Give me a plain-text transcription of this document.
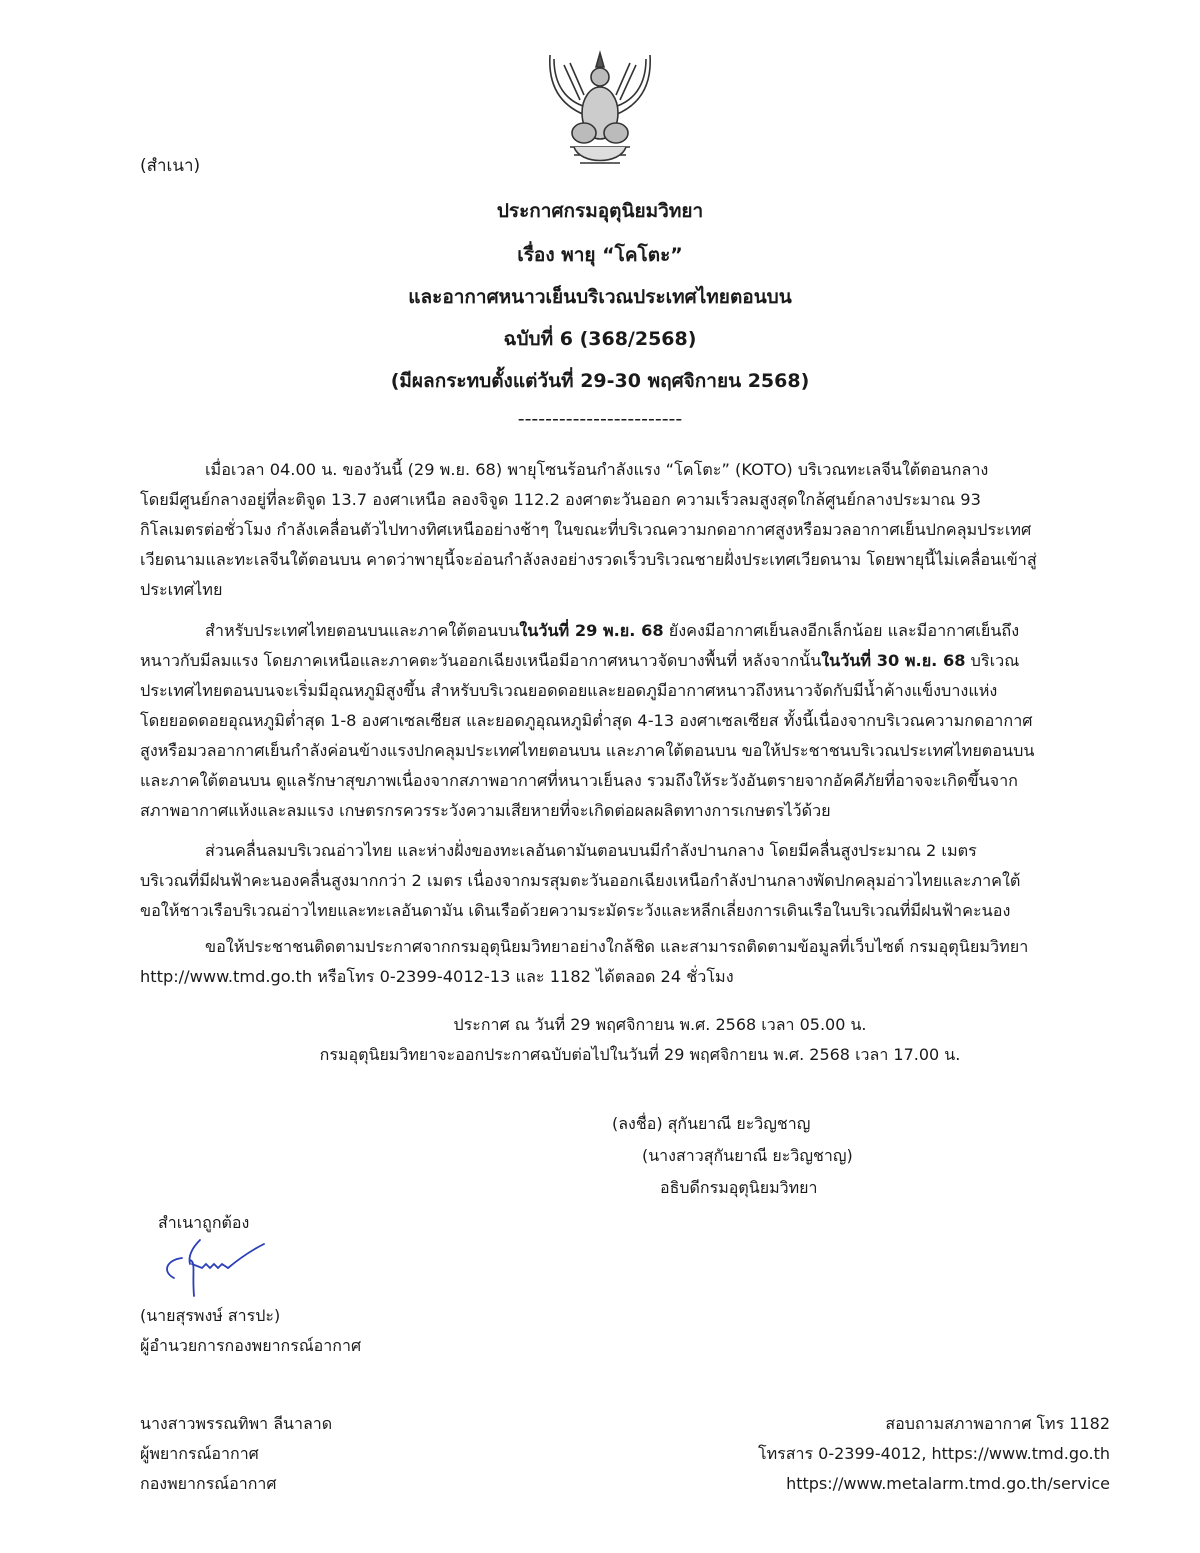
(สำเนา)
ประกาศกรมอุตุนิยมวิทยา
เรื่อง พายุ “โคโตะ”
และอากาศหนาวเย็นบริเวณประเทศไทยตอนบน
ฉบับที่ 6 (368/2568)
(มีผลกระทบตั้งแต่วันที่ 29-30 พฤศจิกายน 2568)
------------------------
เมื่อเวลา 04.00 น. ของวันนี้ (29 พ.ย. 68) พายุโซนร้อนกำลังแรง “โคโตะ” (KOTO) บริเวณทะเลจีนใต้ตอนกลาง
โดยมีศูนย์กลางอยู่ที่ละติจูด 13.7 องศาเหนือ ลองจิจูด 112.2 องศาตะวันออก ความเร็วลมสูงสุดใกล้ศูนย์กลางประมาณ 93
กิโลเมตรต่อชั่วโมง กำลังเคลื่อนตัวไปทางทิศเหนืออย่างช้าๆ ในขณะที่บริเวณความกดอากาศสูงหรือมวลอากาศเย็นปกคลุมประเทศ
เวียดนามและทะเลจีนใต้ตอนบน คาดว่าพายุนี้จะอ่อนกำลังลงอย่างรวดเร็วบริเวณชายฝั่งประเทศเวียดนาม โดยพายุนี้ไม่เคลื่อนเข้าสู่
ประเทศไทย
สำหรับประเทศไทยตอนบนและภาคใต้ตอนบนในวันที่ 29 พ.ย. 68 ยังคงมีอากาศเย็นลงอีกเล็กน้อย และมีอากาศเย็นถึง
หนาวกับมีลมแรง โดยภาคเหนือและภาคตะวันออกเฉียงเหนือมีอากาศหนาวจัดบางพื้นที่ หลังจากนั้นในวันที่ 30 พ.ย. 68 บริเวณ
ประเทศไทยตอนบนจะเริ่มมีอุณหภูมิสูงขึ้น สำหรับบริเวณยอดดอยและยอดภูมีอากาศหนาวถึงหนาวจัดกับมีน้ำค้างแข็งบางแห่ง
โดยยอดดอยอุณหภูมิต่ำสุด 1-8 องศาเซลเซียส และยอดภูอุณหภูมิต่ำสุด 4-13 องศาเซลเซียส ทั้งนี้เนื่องจากบริเวณความกดอากาศ
สูงหรือมวลอากาศเย็นกำลังค่อนข้างแรงปกคลุมประเทศไทยตอนบน และภาคใต้ตอนบน ขอให้ประชาชนบริเวณประเทศไทยตอนบน
และภาคใต้ตอนบน ดูแลรักษาสุขภาพเนื่องจากสภาพอากาศที่หนาวเย็นลง รวมถึงให้ระวังอันตรายจากอัคคีภัยที่อาจจะเกิดขึ้นจาก
สภาพอากาศแห้งและลมแรง เกษตรกรควรระวังความเสียหายที่จะเกิดต่อผลผลิตทางการเกษตรไว้ด้วย
ส่วนคลื่นลมบริเวณอ่าวไทย และห่างฝั่งของทะเลอันดามันตอนบนมีกำลังปานกลาง โดยมีคลื่นสูงประมาณ 2 เมตร
บริเวณที่มีฝนฟ้าคะนองคลื่นสูงมากกว่า 2 เมตร เนื่องจากมรสุมตะวันออกเฉียงเหนือกำลังปานกลางพัดปกคลุมอ่าวไทยและภาคใต้
ขอให้ชาวเรือบริเวณอ่าวไทยและทะเลอันดามัน เดินเรือด้วยความระมัดระวังและหลีกเลี่ยงการเดินเรือในบริเวณที่มีฝนฟ้าคะนอง
ขอให้ประชาชนติดตามประกาศจากกรมอุตุนิยมวิทยาอย่างใกล้ชิด และสามารถติดตามข้อมูลที่เว็บไซต์ กรมอุตุนิยมวิทยา
http://www.tmd.go.th หรือโทร 0-2399-4012-13 และ 1182 ได้ตลอด 24 ชั่วโมง
ประกาศ ณ วันที่ 29 พฤศจิกายน พ.ศ. 2568 เวลา 05.00 น.
กรมอุตุนิยมวิทยาจะออกประกาศฉบับต่อไปในวันที่ 29 พฤศจิกายน พ.ศ. 2568 เวลา 17.00 น.
(ลงชื่อ) สุกันยาณี ยะวิญชาญ
(นางสาวสุกันยาณี ยะวิญชาญ)
อธิบดีกรมอุตุนิยมวิทยา
สำเนาถูกต้อง
(นายสุรพงษ์ สารปะ)
ผู้อำนวยการกองพยากรณ์อากาศ
นางสาวพรรณทิพา ลีนาลาด
ผู้พยากรณ์อากาศ
กองพยากรณ์อากาศ
สอบถามสภาพอากาศ โทร 1182
โทรสาร 0-2399-4012, https://www.tmd.go.th
https://www.metalarm.tmd.go.th/service
